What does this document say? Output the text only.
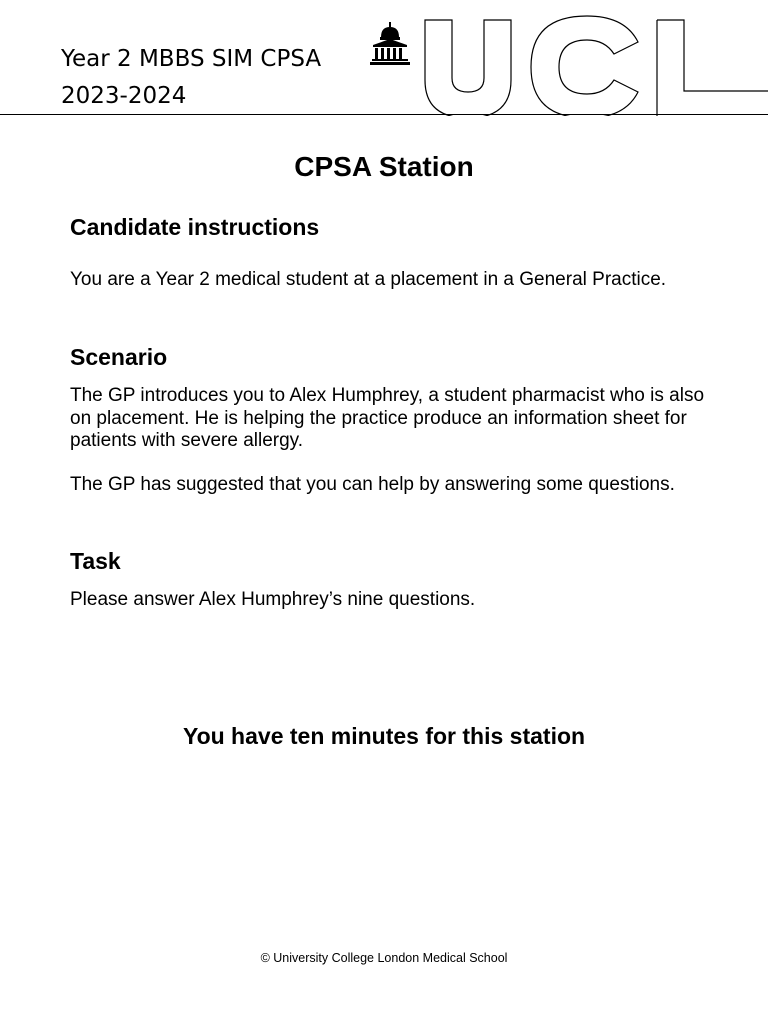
Year 2 MBBS SIM CPSA
2023-2024
CPSA Station
Candidate instructions

You are a Year 2 medical student at a placement in a General Practice.

Scenario

The GP introduces you to Alex Humphrey, a student pharmacist who is also on placement. He is helping the practice produce an information sheet for patients with severe allergy.

The GP has suggested that you can help by answering some questions.

Task

Please answer Alex Humphrey’s nine questions.

You have ten minutes for this station
© University College London Medical School
